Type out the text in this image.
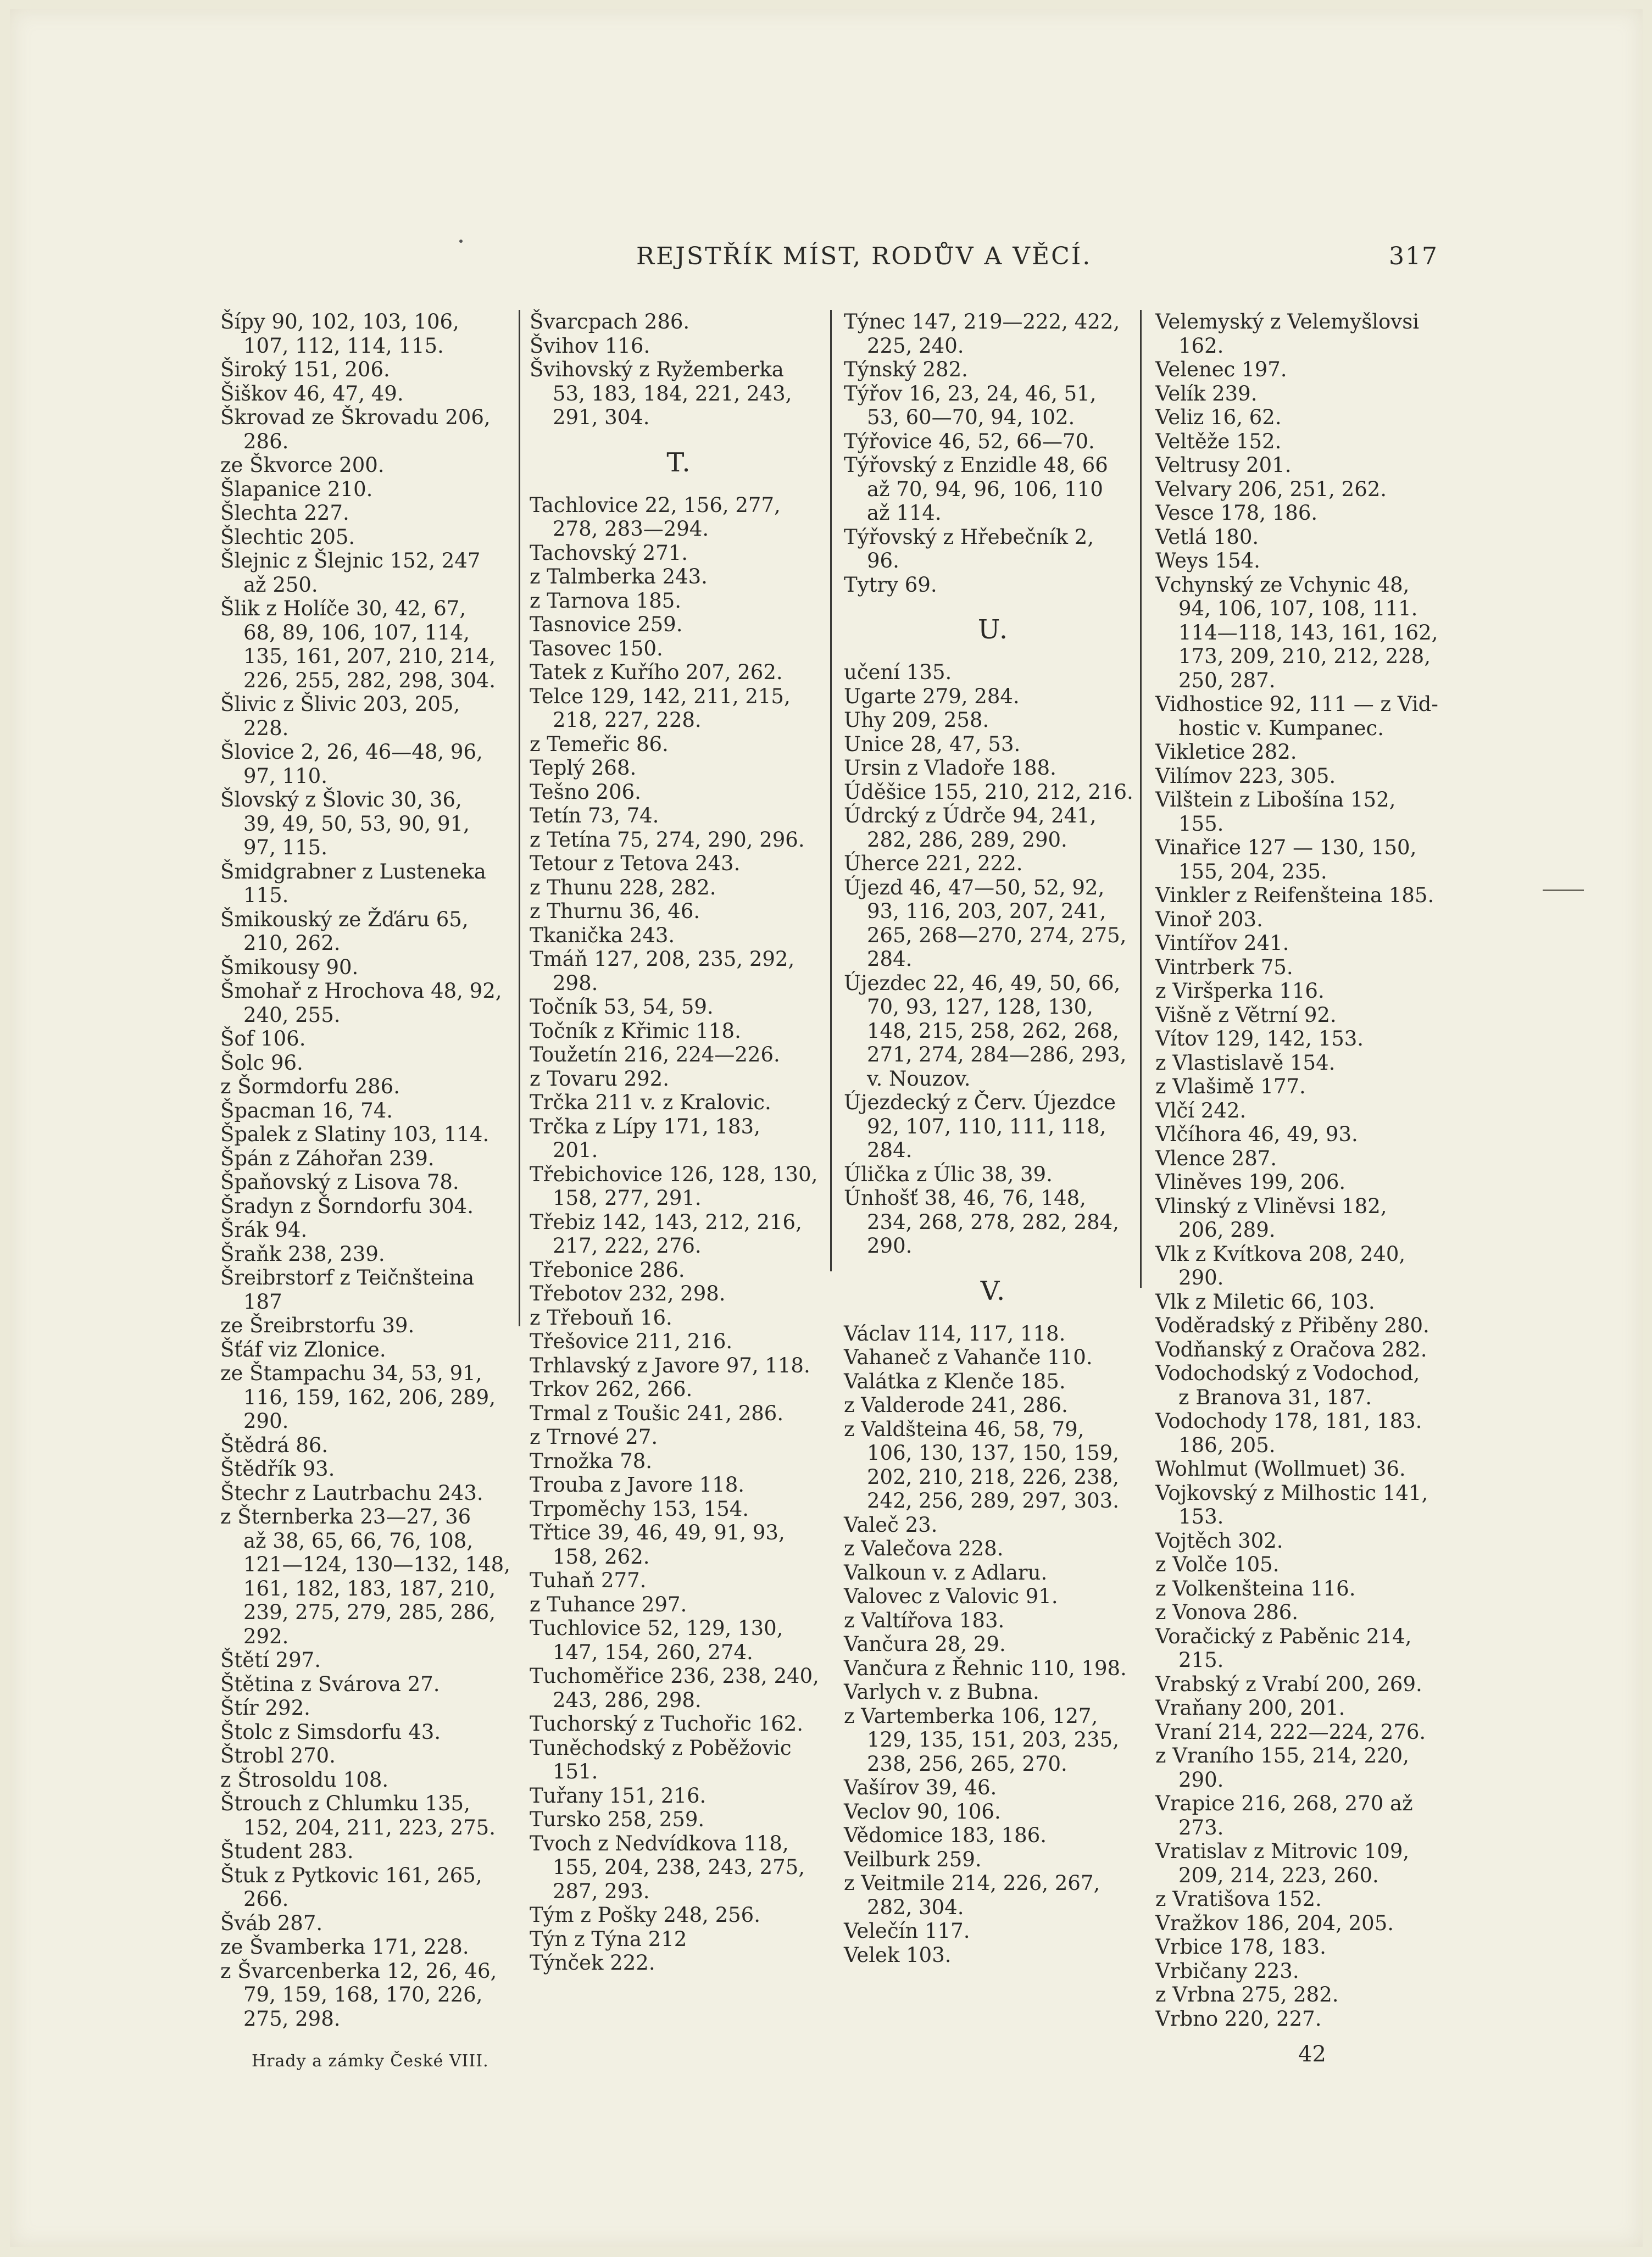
REJSTŘÍK MÍST, RODŮV A VĚCÍ.	317
Šípy 90, 102, 103, 106,
107, 112, 114, 115.
Široký 151, 206.
Šiškov 46, 47, 49.
Škrovad ze Škrovadu 206,
286.
ze Škvorce 200.
Šlapanice 210.
Šlechta 227.
Šlechtic 205.
Šlejnic z Šlejnic 152, 247
až 250.
Šlik z Holíče 30, 42, 67,
68, 89, 106, 107, 114,
135, 161, 207, 210, 214,
226, 255, 282, 298, 304.
Šlivic z Šlivic 203, 205,
228.
Šlovice 2, 26, 46—48, 96,
97, 110.
Šlovský z Šlovic 30, 36,
39, 49, 50, 53, 90, 91,
97, 115.
Šmidgrabner z Lusteneka
115.
Šmikouský ze Žďáru 65,
210, 262.
Šmikousy 90.
Šmohař z Hrochova 48, 92,
240, 255.
Šof 106.
Šolc 96.
z Šormdorfu 286.
Špacman 16, 74.
Špalek z Slatiny 103, 114.
Špán z Záhořan 239.
Špaňovský z Lisova 78.
Šradyn z Šorndorfu 304.
Šrák 94.
Šraňk 238, 239.
Šreibrstorf z Teičnšteina
187
ze Šreibrstorfu 39.
Šťáf viz Zlonice.
ze Štampachu 34, 53, 91,
116, 159, 162, 206, 289,
290.
Štědrá 86.
Štědřík 93.
Štechr z Lautrbachu 243.
z Šternberka 23—27, 36
až 38, 65, 66, 76, 108,
121—124, 130—132, 148,
161, 182, 183, 187, 210,
239, 275, 279, 285, 286,
292.
Štětí 297.
Štětina z Svárova 27.
Štír 292.
Štolc z Simsdorfu 43.
Štrobl 270.
z Štrosoldu 108.
Štrouch z Chlumku 135,
152, 204, 211, 223, 275.
Študent 283.
Štuk z Pytkovic 161, 265,
266.
Šváb 287.
ze Švamberka 171, 228.
z Švarcenberka 12, 26, 46,
79, 159, 168, 170, 226,
275, 298.
Švarcpach 286.
Švihov 116.
Švihovský z Ryžemberka
53, 183, 184, 221, 243,
291, 304.
T.
Tachlovice 22, 156, 277,
278, 283—294.
Tachovský 271.
z Talmberka 243.
z Tarnova 185.
Tasnovice 259.
Tasovec 150.
Tatek z Kuřího 207, 262.
Telce 129, 142, 211, 215,
218, 227, 228.
z Temeřic 86.
Teplý 268.
Tešno 206.
Tetín 73, 74.
z Tetína 75, 274, 290, 296.
Tetour z Tetova 243.
z Thunu 228, 282.
z Thurnu 36, 46.
Tkanička 243.
Tmáň 127, 208, 235, 292,
298.
Točník 53, 54, 59.
Točník z Křimic 118.
Toužetín 216, 224—226.
z Tovaru 292.
Trčka 211 v. z Kralovic.
Trčka z Lípy 171, 183,
201.
Třebichovice 126, 128, 130,
158, 277, 291.
Třebiz 142, 143, 212, 216,
217, 222, 276.
Třebonice 286.
Třebotov 232, 298.
z Třebouň 16.
Třešovice 211, 216.
Trhlavský z Javore 97, 118.
Trkov 262, 266.
Trmal z Toušic 241, 286.
z Trnové 27.
Trnožka 78.
Trouba z Javore 118.
Trpoměchy 153, 154.
Třtice 39, 46, 49, 91, 93,
158, 262.
Tuhaň 277.
z Tuhance 297.
Tuchlovice 52, 129, 130,
147, 154, 260, 274.
Tuchoměřice 236, 238, 240,
243, 286, 298.
Tuchorský z Tuchořic 162.
Tuněchodský z Poběžovic
151.
Tuřany 151, 216.
Tursko 258, 259.
Tvoch z Nedvídkova 118,
155, 204, 238, 243, 275,
287, 293.
Tým z Pošky 248, 256.
Týn z Týna 212
Týnček 222.
Týnec 147, 219—222, 422,
225, 240.
Týnský 282.
Týřov 16, 23, 24, 46, 51,
53, 60—70, 94, 102.
Týřovice 46, 52, 66—70.
Týřovský z Enzidle 48, 66
až 70, 94, 96, 106, 110
až 114.
Týřovský z Hřebečník 2,
96.
Tytry 69.
U.
učení 135.
Ugarte 279, 284.
Uhy 209, 258.
Unice 28, 47, 53.
Ursin z Vladoře 188.
Úděšice 155, 210, 212, 216.
Údrcký z Údrče 94, 241,
282, 286, 289, 290.
Úherce 221, 222.
Újezd 46, 47—50, 52, 92,
93, 116, 203, 207, 241,
265, 268—270, 274, 275,
284.
Újezdec 22, 46, 49, 50, 66,
70, 93, 127, 128, 130,
148, 215, 258, 262, 268,
271, 274, 284—286, 293,
v. Nouzov.
Újezdecký z Červ. Újezdce
92, 107, 110, 111, 118,
284.
Úlička z Úlic 38, 39.
Únhošť 38, 46, 76, 148,
234, 268, 278, 282, 284,
290.
V.
Václav 114, 117, 118.
Vahaneč z Vahanče 110.
Valátka z Klenče 185.
z Valderode 241, 286.
z Valdšteina 46, 58, 79,
106, 130, 137, 150, 159,
202, 210, 218, 226, 238,
242, 256, 289, 297, 303.
Valeč 23.
z Valečova 228.
Valkoun v. z Adlaru.
Valovec z Valovic 91.
z Valtířova 183.
Vančura 28, 29.
Vančura z Řehnic 110, 198.
Varlych v. z Bubna.
z Vartemberka 106, 127,
129, 135, 151, 203, 235,
238, 256, 265, 270.
Vašírov 39, 46.
Veclov 90, 106.
Vědomice 183, 186.
Veilburk 259.
z Veitmile 214, 226, 267,
282, 304.
Velečín 117.
Velek 103.
Velemyský z Velemyšlovsi
162.
Velenec 197.
Velík 239.
Veliz 16, 62.
Veltěže 152.
Veltrusy 201.
Velvary 206, 251, 262.
Vesce 178, 186.
Vetlá 180.
Weys 154.
Vchynský ze Vchynic 48,
94, 106, 107, 108, 111.
114—118, 143, 161, 162,
173, 209, 210, 212, 228,
250, 287.
Vidhostice 92, 111 — z Vid-
hostic v. Kumpanec.
Vikletice 282.
Vilímov 223, 305.
Vilštein z Libošína 152,
155.
Vinařice 127 — 130, 150,
155, 204, 235.
Vinkler z Reifenšteina 185.
Vinoř 203.
Vintířov 241.
Vintrberk 75.
z Viršperka 116.
Višně z Větrní 92.
Vítov 129, 142, 153.
z Vlastislavě 154.
z Vlašimě 177.
Vlčí 242.
Vlčíhora 46, 49, 93.
Vlence 287.
Vliněves 199, 206.
Vlinský z Vliněvsi 182,
206, 289.
Vlk z Kvítkova 208, 240,
290.
Vlk z Miletic 66, 103.
Voděradský z Přiběny 280.
Vodňanský z Oračova 282.
Vodochodský z Vodochod,
z Branova 31, 187.
Vodochody 178, 181, 183.
186, 205.
Wohlmut (Wollmuet) 36.
Vojkovský z Milhostic 141,
153.
Vojtěch 302.
z Volče 105.
z Volkenšteina 116.
z Vonova 286.
Voračický z Paběnic 214,
215.
Vrabský z Vrabí 200, 269.
Vraňany 200, 201.
Vraní 214, 222—224, 276.
z Vraního 155, 214, 220,
290.
Vrapice 216, 268, 270 až
273.
Vratislav z Mitrovic 109,
209, 214, 223, 260.
z Vratišova 152.
Vražkov 186, 204, 205.
Vrbice 178, 183.
Vrbičany 223.
z Vrbna 275, 282.
Vrbno 220, 227.
Hrady a zámky České VIII.	42
